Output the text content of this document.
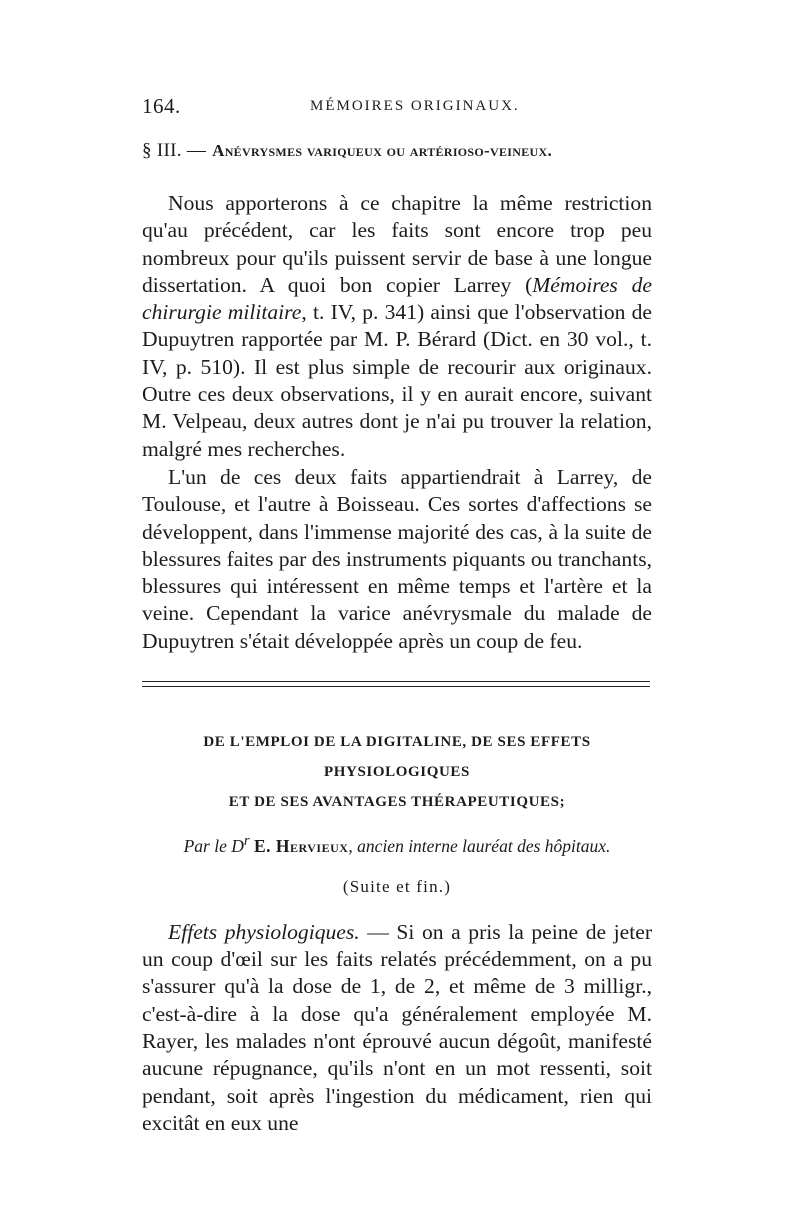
164.	MÉMOIRES ORIGINAUX.
§ III. — Anévrysmes variqueux ou artérioso-veineux.

Nous apporterons à ce chapitre la même restriction qu'au précédent, car les faits sont encore trop peu nombreux pour qu'ils puissent servir de base à une longue dissertation. A quoi bon copier Larrey (Mémoires de chirurgie militaire, t. IV, p. 341) ainsi que l'observation de Dupuytren rapportée par M. P. Bérard (Dict. en 30 vol., t. IV, p. 510). Il est plus simple de recourir aux originaux. Outre ces deux observations, il y en aurait encore, suivant M. Velpeau, deux autres dont je n'ai pu trouver la relation, malgré mes recherches.

L'un de ces deux faits appartiendrait à Larrey, de Toulouse, et l'autre à Boisseau. Ces sortes d'affections se développent, dans l'immense majorité des cas, à la suite de blessures faites par des instruments piquants ou tranchants, blessures qui intéressent en même temps et l'artère et la veine. Cependant la varice anévrysmale du malade de Dupuytren s'était développée après un coup de feu.

DE L'EMPLOI DE LA DIGITALINE, DE SES EFFETS PHYSIOLOGIQUES
ET DE SES AVANTAGES THÉRAPEUTIQUES;
Par le $D^r$ E. Hervieux, ancien interne lauréat des hôpitaux.
(Suite et fin.)

Effets physiologiques. — Si on a pris la peine de jeter un coup d'œil sur les faits relatés précédemment, on a pu s'assurer qu'à la dose de 1, de 2, et même de 3 milligr., c'est-à-dire à la dose qu'a généralement employée M. Rayer, les malades n'ont éprouvé aucun dégoût, manifesté aucune répugnance, qu'ils n'ont en un mot ressenti, soit pendant, soit après l'ingestion du médicament, rien qui excitât en eux une
